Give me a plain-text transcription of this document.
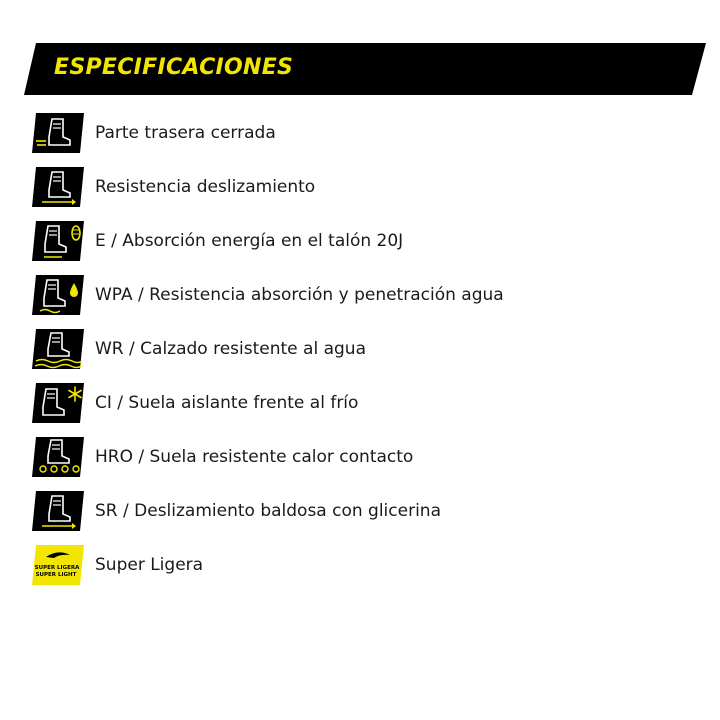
ESPECIFICACIONES
Parte trasera cerrada
Resistencia deslizamiento
E / Absorción energía en el talón 20J
WPA / Resistencia absorción y penetración agua
WR / Calzado resistente al agua
CI / Suela aislante frente al frío
HRO / Suela resistente calor contacto
SR / Deslizamiento baldosa con glicerina
SUPER LIGERA
SUPER LIGHT Super Ligera
